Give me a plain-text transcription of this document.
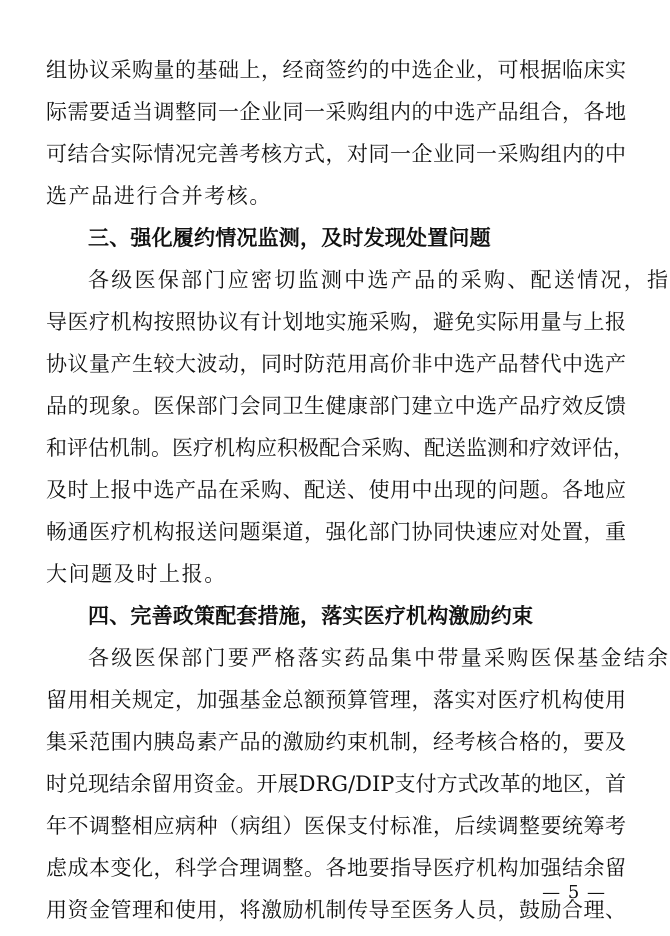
组协议采购量的基础上，经商签约的中选企业，可根据临床实
际需要适当调整同一企业同一采购组内的中选产品组合，各地
可结合实际情况完善考核方式，对同一企业同一采购组内的中
选产品进行合并考核。
三、强化履约情况监测，及时发现处置问题
各级医保部门应密切监测中选产品的采购、配送情况，指
导医疗机构按照协议有计划地实施采购，避免实际用量与上报
协议量产生较大波动，同时防范用高价非中选产品替代中选产
品的现象。医保部门会同卫生健康部门建立中选产品疗效反馈
和评估机制。医疗机构应积极配合采购、配送监测和疗效评估，
及时上报中选产品在采购、配送、使用中出现的问题。各地应
畅通医疗机构报送问题渠道，强化部门协同快速应对处置，重
大问题及时上报。
四、完善政策配套措施，落实医疗机构激励约束
各级医保部门要严格落实药品集中带量采购医保基金结余
留用相关规定，加强基金总额预算管理，落实对医疗机构使用
集采范围内胰岛素产品的激励约束机制，经考核合格的，要及
时兑现结余留用资金。开展DRG/DIP支付方式改革的地区，首
年不调整相应病种（病组）医保支付标准，后续调整要统筹考
虑成本变化，科学合理调整。各地要指导医疗机构加强结余留
用资金管理和使用，将激励机制传导至医务人员，鼓励合理、
— 5 —
